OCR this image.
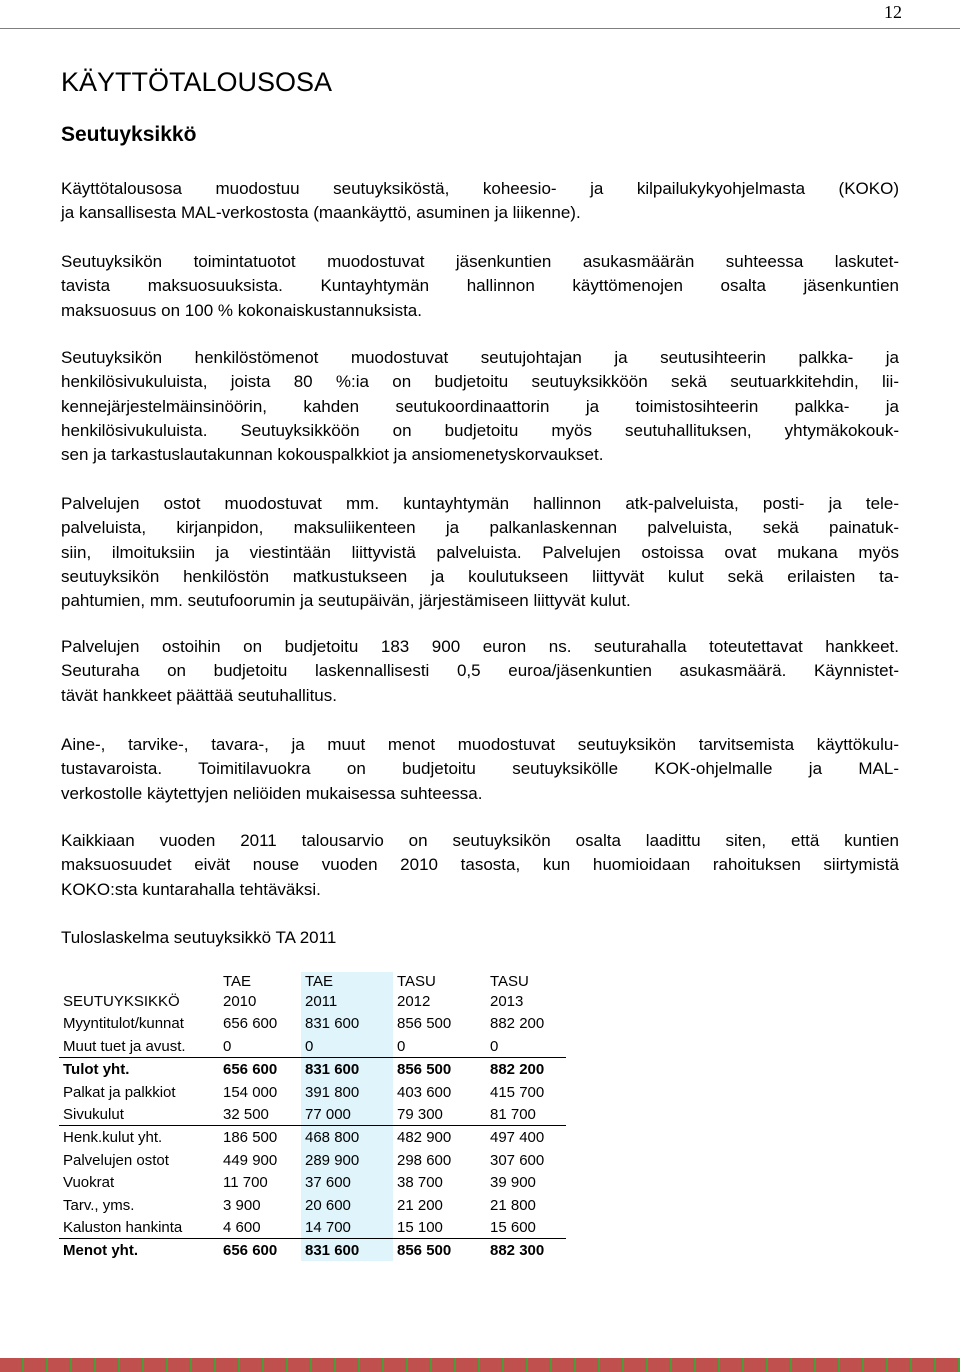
12
KÄYTTÖTALOUSOSA
Seutuyksikkö
Käyttötalousosa muodostuu seutuyksiköstä, koheesio- ja kilpailukykyohjelmasta (KOKO)
ja kansallisesta MAL-verkostosta (maankäyttö, asuminen ja liikenne).
Seutuyksikön toimintatuotot muodostuvat jäsenkuntien asukasmäärän suhteessa laskutet-
tavista maksuosuuksista. Kuntayhtymän hallinnon käyttömenojen osalta jäsenkuntien
maksuosuus on 100 % kokonaiskustannuksista.
Seutuyksikön henkilöstömenot muodostuvat seutujohtajan ja seutusihteerin palkka- ja
henkilösivukuluista, joista 80 %:ia on budjetoitu seutuyksikköön sekä seutuarkkitehdin, lii-
kennejärjestelmäinsinöörin, kahden seutukoordinaattorin ja toimistosihteerin palkka- ja
henkilösivukuluista. Seutuyksikköön on budjetoitu myös seutuhallituksen, yhtymäkokouk-
sen ja tarkastuslautakunnan kokouspalkkiot ja ansiomenetyskorvaukset.
Palvelujen ostot muodostuvat mm. kuntayhtymän hallinnon atk-palveluista, posti- ja tele-
palveluista, kirjanpidon, maksuliikenteen ja palkanlaskennan palveluista, sekä painatuk-
siin, ilmoituksiin ja viestintään liittyvistä palveluista. Palvelujen ostoissa ovat mukana myös
seutuyksikön henkilöstön matkustukseen ja koulutukseen liittyvät kulut sekä erilaisten ta-
pahtumien, mm. seutufoorumin ja seutupäivän, järjestämiseen liittyvät kulut.
Palvelujen ostoihin on budjetoitu 183 900 euron ns. seuturahalla toteutettavat hankkeet.
Seuturaha on budjetoitu laskennallisesti 0,5 euroa/jäsenkuntien asukasmäärä. Käynnistet-
tävät hankkeet päättää seutuhallitus.
Aine-, tarvike-, tavara-, ja muut menot muodostuvat seutuyksikön tarvitsemista käyttökulu-
tustavaroista. Toimitilavuokra on budjetoitu seutuyksikölle KOK-ohjelmalle ja MAL-
verkostolle käytettyjen neliöiden mukaisessa suhteessa.
Kaikkiaan vuoden 2011 talousarvio on seutuyksikön osalta laadittu siten, että kuntien
maksuosuudet eivät nouse vuoden 2010 tasosta, kun huomioidaan rahoituksen siirtymistä
KOKO:sta kuntarahalla tehtäväksi.
Tuloslaskelma seutuyksikkö TA 2011
	TAE	TAE	TASU	TASU
SEUTUYKSIKKÖ	2010	2011	2012	2013
Myyntitulot/kunnat	656 600	831 600	856 500	882 200
Muut tuet ja avust.	0	0	0	0
Tulot yht.	656 600	831 600	856 500	882 200
Palkat ja palkkiot	154 000	391 800	403 600	415 700
Sivukulut	32 500	77 000	79 300	81 700
Henk.kulut yht.	186 500	468 800	482 900	497 400
Palvelujen ostot	449 900	289 900	298 600	307 600
Vuokrat	11 700	37 600	38 700	39 900
Tarv., yms.	3 900	20 600	21 200	21 800
Kaluston hankinta	4 600	14 700	15 100	15 600
Menot yht.	656 600	831 600	856 500	882 300
